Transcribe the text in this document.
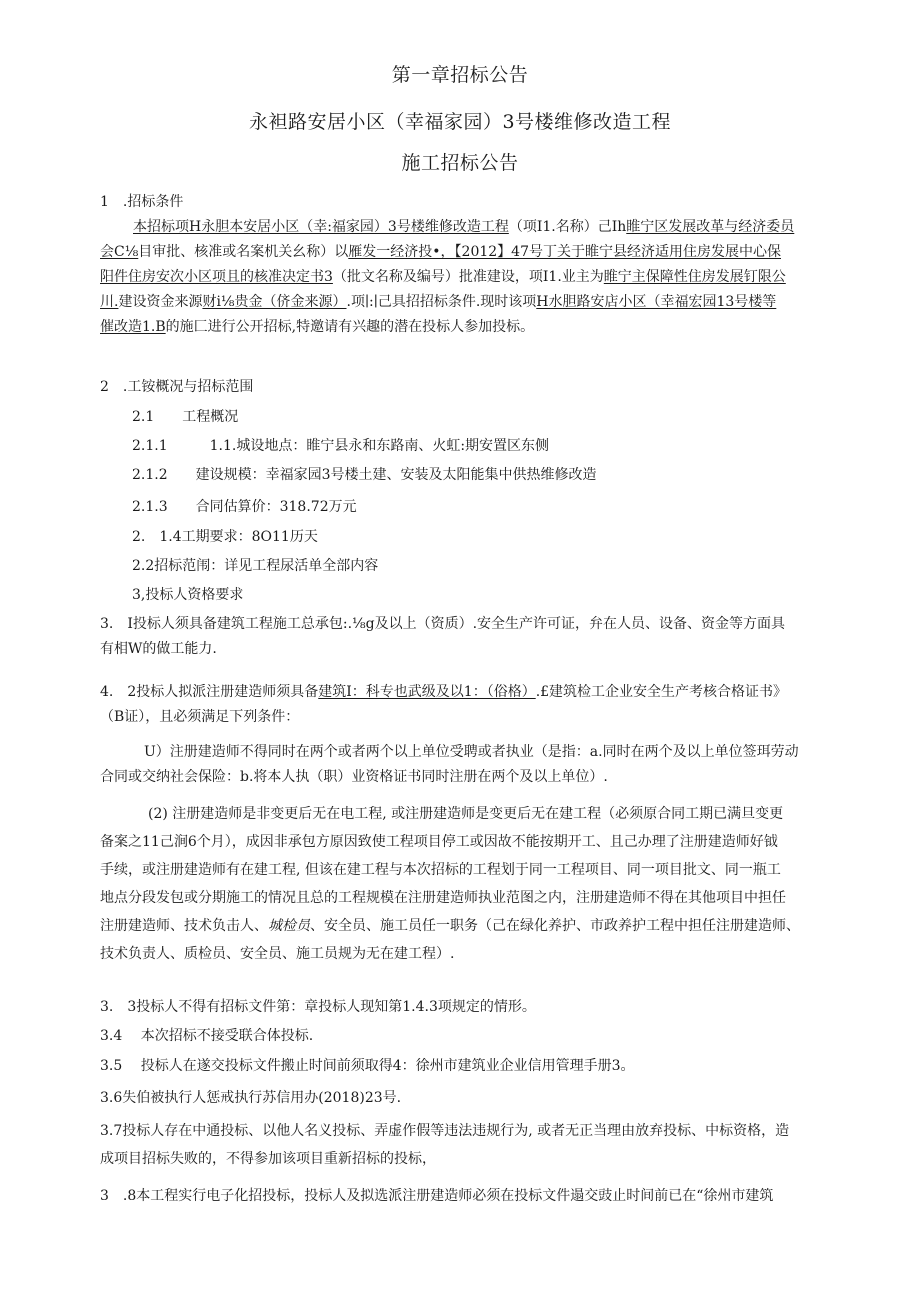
第一章招标公告
永袒路安居小区（幸福家园）3号楼维修改造工程
施工招标公告
1　.招标条件
本招标项H永胆本安居小区（幸:福家园）3号楼维修改造工程（项I1.名称）己Ih睢宁区发展改革与经济委员
会C⅛目审批、核准或名案机关幺称）以雁发一经济投•，【2012】47号丁关于睢宁县经济适用住房发展中心保
阳件住房安次小区项且的核准决定书3（批文名称及编号）批准建设，项I1.业主为睢宁主保障性住房发展钉限公
川.建设资金来源财i⅛贵金（侪金来源）.项∣:∣己具招招标条件.现时该项H水胆路安店小区（幸福宏园13号楼等
催改造1.B的施匚进行公开招标,特邀请有兴趣的潜在投标人参加投标。
2　.工铵概况与招标范围
2.1　　工程概况
2.1.1　　　1.1.城设地点：睢宁县永和东路南、火虹:期安置区东侧
2.1.2　　建设规模：幸福家园3号楼土建、安装及太阳能集中供热维修改造
2.1.3　　合同估算价：318.72万元
2.　1.4工期要求：8O11历天
2.2招标范闱：详见工程尿活单全部内容
3,投标人资格要求
3.　I投标人须具备建筑工程施工总承包:.⅛g及以上（资质）.安全生产许可证，弁在人员、设备、资金等方面具
有相W的做工能力.
4.　2投标人拟派注册建造师须具备建筑I：科专也武级及以1：（俗格）.£建筑检工企业安全生产考核合格证书》
（B证），且必须满足下列条件：
U）注册建造师不得同时在两个或者两个以上单位受聘或者执业（是指：a.同时在两个及以上单位签珥劳动
合同或交纳社会保险：b.将本人执（职）业资格证书同时注册在两个及以上单位）.
(2) 注册建造师是非变更后无在电工程, 或注册建造师是变更后无在建工程（必须原合同工期已满旦变更
备案之11己涧6个月），成因非承包方原因致使工程项目停工或因故不能按期开工、且己办理了注册建造师好钺
手续，或注册建造师有在建工程, 但该在建工程与本次招标的工程划于同一工程项目、同一项目批文、同一瓶工
地点分段发包或分期施工的情况且总的工程规模在注册建造师执业范图之内，注册建造师不得在其他项目中担任
注册建造师、技术负击人、城检员、安全员、施工员任一职务（己在绿化养护、市政养护工程中担任注册建造师、
技术负责人、质检员、安全员、施工员规为无在建工程）.
3.　3投标人不得有招标文件第：章投标人现知第1.4.3项规定的情形。
3.4　 本次招标不接受联合体投标.
3.5　 投标人在遂交投标文件搬止时间前须取得4：徐州市建筑业企业信用管理手册3。
3.6失伯被执行人惩戒执行苏信用办(2018)23号.
3.7投标人存在中通投标、以他人名义投标、弄虚作假等违法违规行为, 或者无正当理由放弃投标、中标资格，造
成项目招标失败的，不得参加该项目重新招标的投标，
3　.8本工程实行电子化招投标，投标人及拟选派注册建造师必须在投标文件遢交豉止时间前已在“徐州市建筑
